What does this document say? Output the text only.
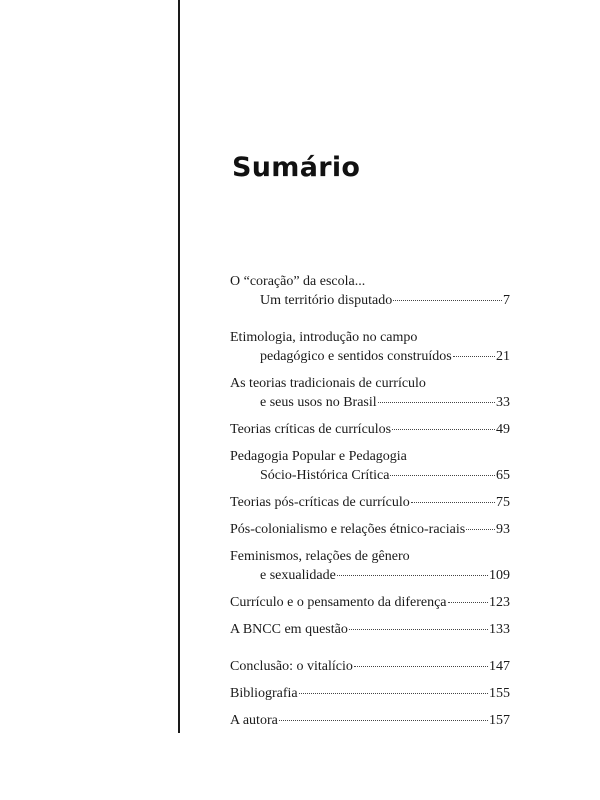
Sumário
O “coração” da escola...
Um território disputado	7
Etimologia, introdução no campo
pedagógico e sentidos construídos	21
As teorias tradicionais de currículo
e seus usos no Brasil	33
Teorias críticas de currículos	49
Pedagogia Popular e Pedagogia
Sócio-Histórica Crítica	65
Teorias pós-críticas de currículo	75
Pós-colonialismo e relações étnico-raciais 93
Feminismos, relações de gênero
e sexualidade	109
Currículo e o pensamento da diferença	123
A BNCC em questão	133
Conclusão: o vitalício	147
Bibliografia	155
A autora	157
